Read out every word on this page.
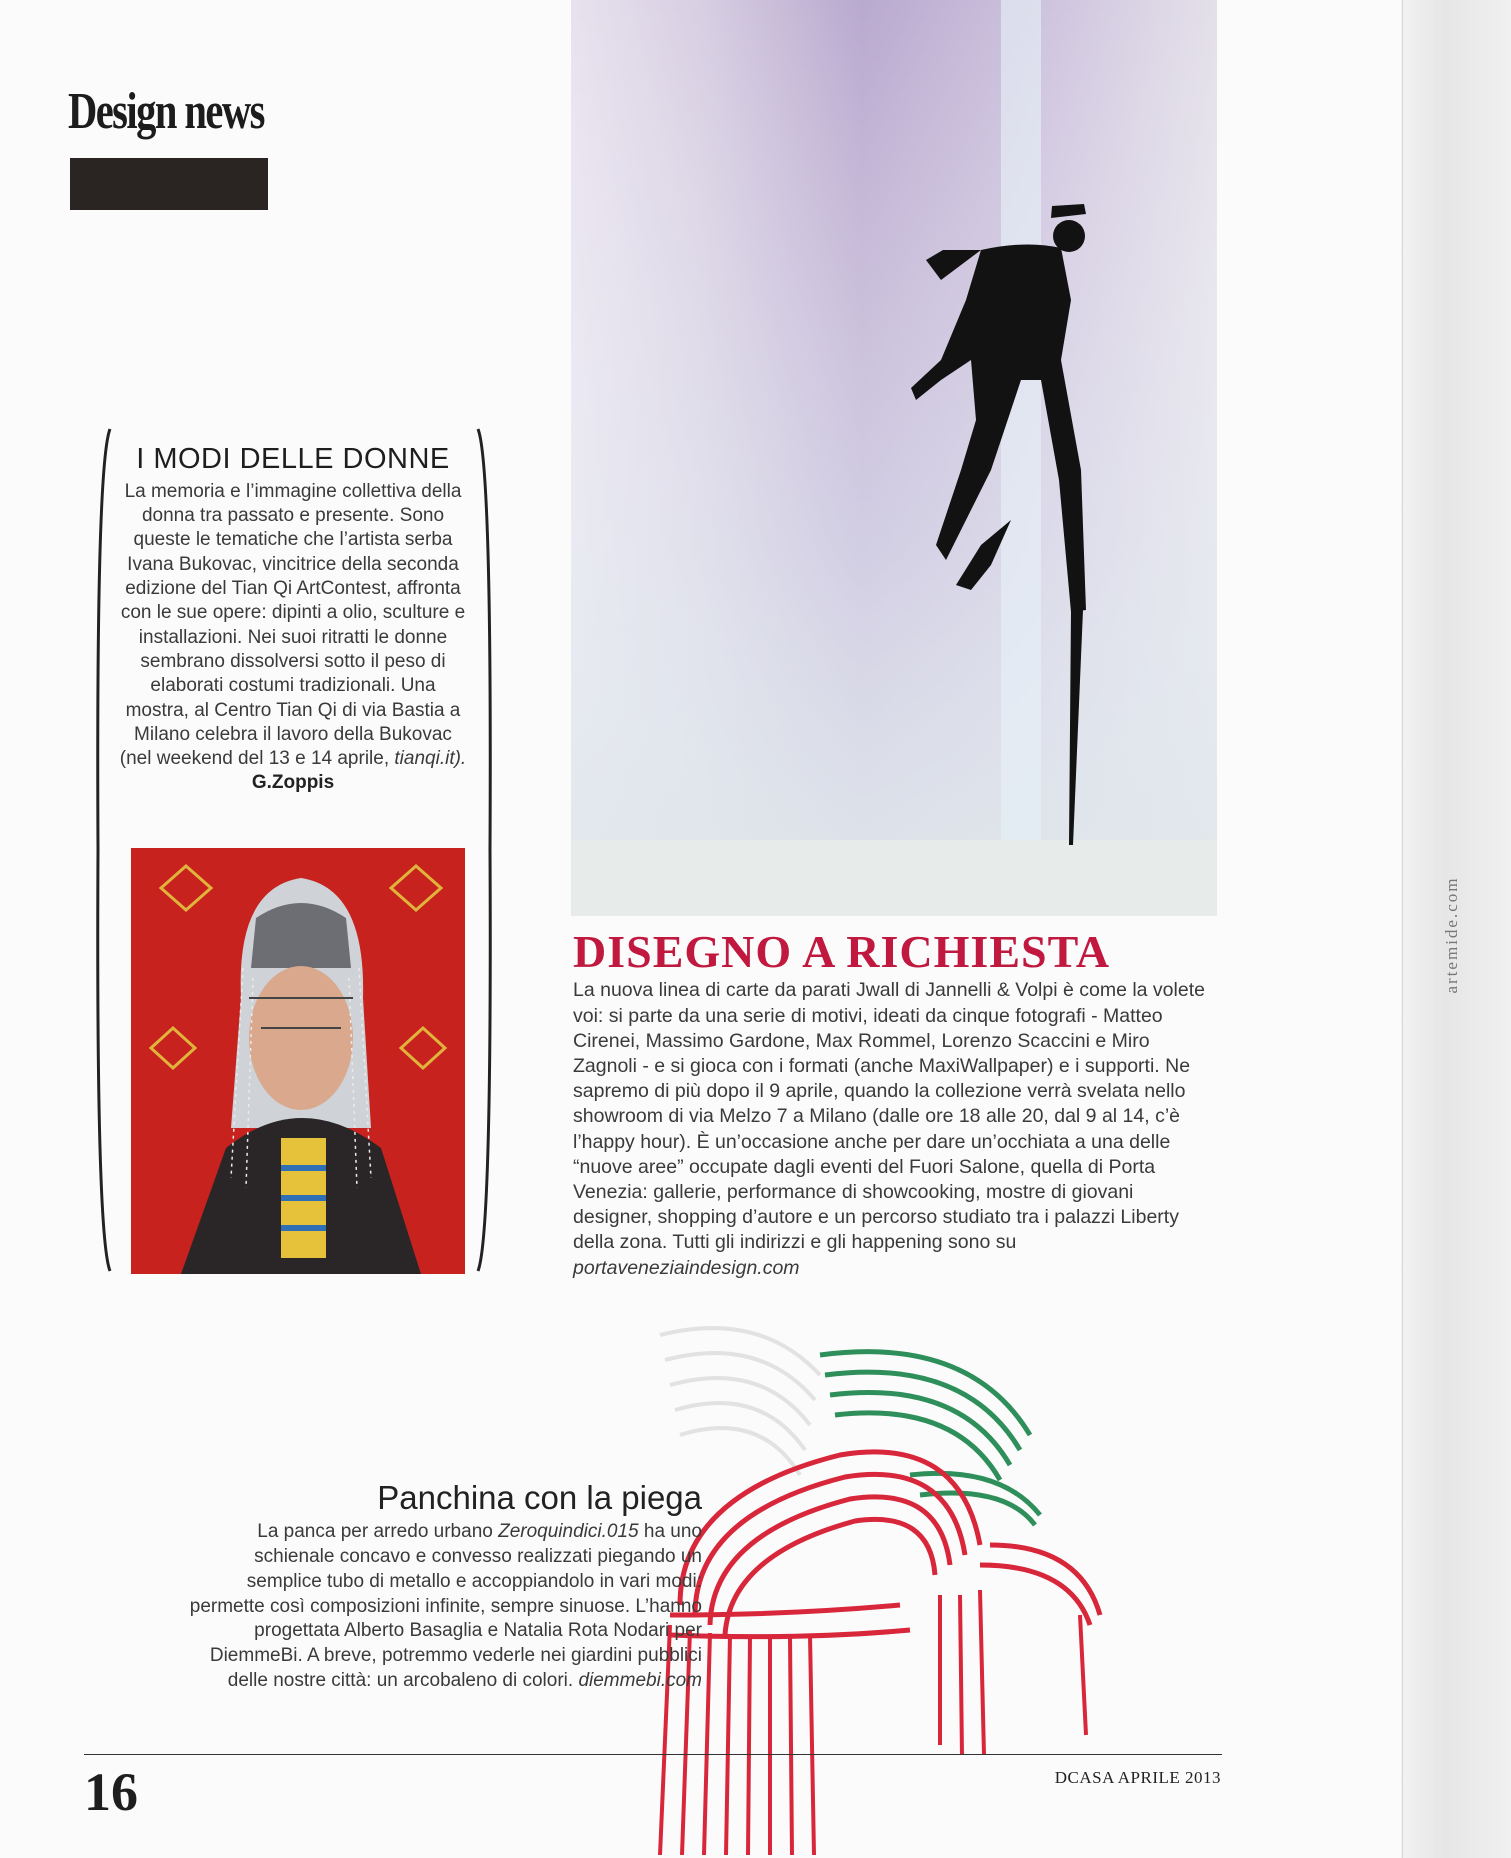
artemide.com
Design news
I MODI DELLE DONNE

La memoria e l’immagine collettiva della donna tra passato e presente. Sono queste le tematiche che l’artista serba Ivana Bukovac, vincitrice della seconda edizione del Tian Qi ArtContest, affronta con le sue opere: dipinti a olio, sculture e installazioni. Nei suoi ritratti le donne sembrano dissolversi sotto il peso di elaborati costumi tradizionali. Una mostra, al Centro Tian Qi di via Bastia a Milano celebra il lavoro della Bukovac (nel weekend del 13 e 14 aprile, tianqi.it). G.Zoppis

DISEGNO A RICHIESTA

La nuova linea di carte da parati Jwall di Jannelli & Volpi è come la volete voi: si parte da una serie di motivi, ideati da cinque fotografi - Matteo Cirenei, Massimo Gardone, Max Rommel, Lorenzo Scaccini e Miro Zagnoli - e si gioca con i formati (anche MaxiWallpaper) e i supporti. Ne sapremo di più dopo il 9 aprile, quando la collezione verrà svelata nello showroom di via Melzo 7 a Milano (dalle ore 18 alle 20, dal 9 al 14, c’è l’happy hour). È un’occasione anche per dare un’occhiata a una delle “nuove aree” occupate dagli eventi del Fuori Salone, quella di Porta Venezia: gallerie, performance di showcooking, mostre di giovani designer, shopping d’autore e un percorso studiato tra i palazzi Liberty della zona. Tutti gli indirizzi e gli happening sono su portaveneziaindesign.com

Panchina con la piega

La panca per arredo urbano Zeroquindici.015 ha uno schienale concavo e convesso realizzati piegando un semplice tubo di metallo e accoppiandolo in vari modi: permette così composizioni infinite, sempre sinuose. L’hanno progettata Alberto Basaglia e Natalia Rota Nodari per DiemmeBi. A breve, potremmo vederle nei giardini pubblici delle nostre città: un arcobaleno di colori. diemmebi.com

16	DCASA APRILE 2013
